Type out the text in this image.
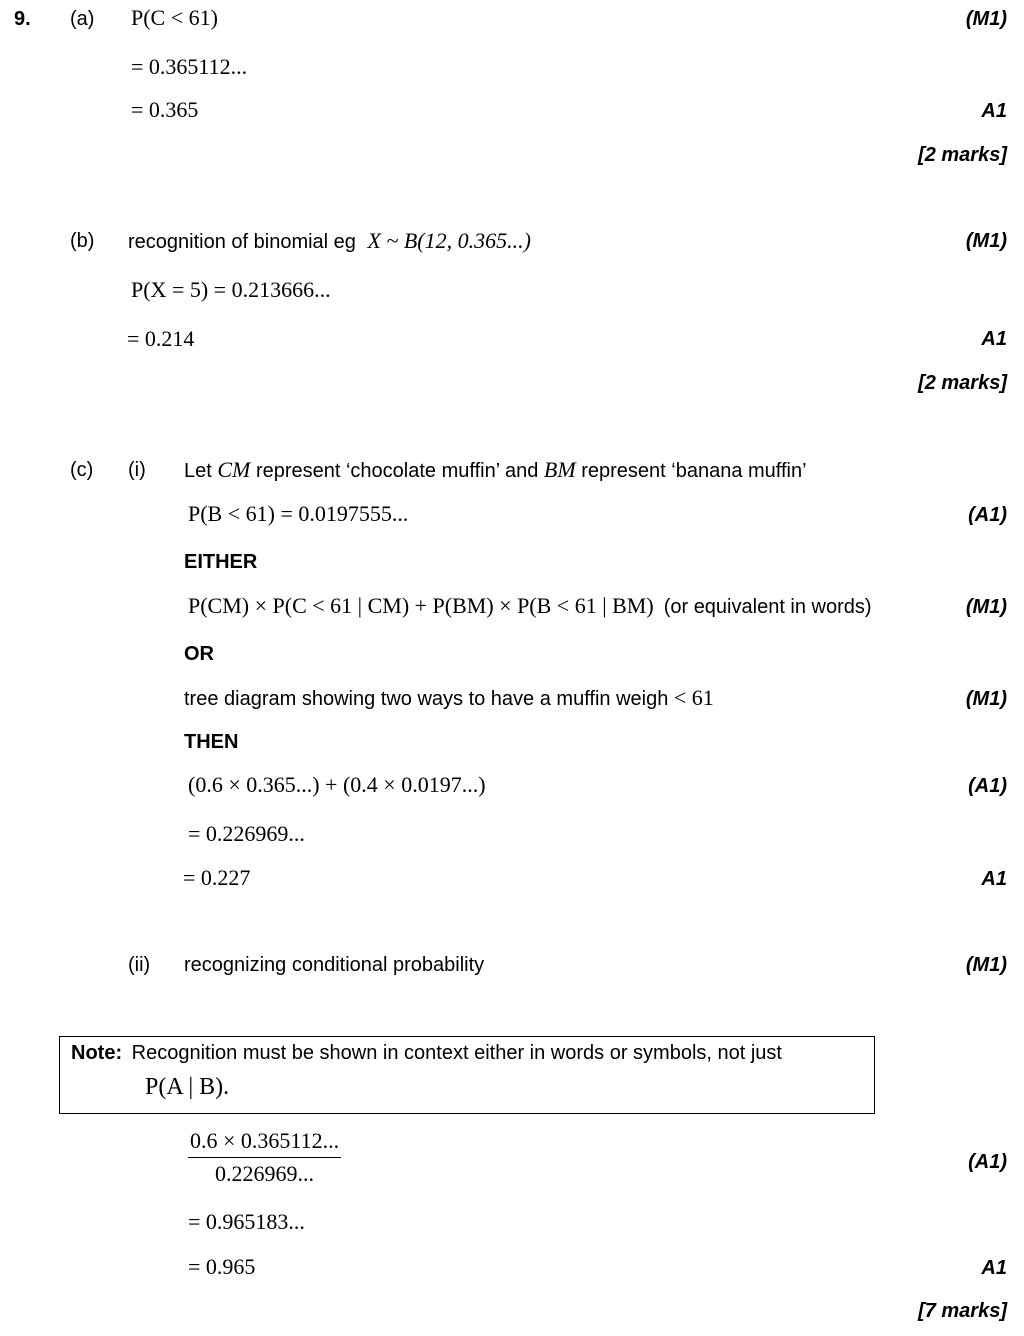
9. (a) P(C < 61)	(M1)
= 0.365112...
= 0.365	A1
[2 marks]
(b) recognition of binomial eg X ~ B(12, 0.365...)	(M1)
P(X = 5) = 0.213666...
= 0.214	A1
[2 marks]
(c) (i) Let CM represent ‘chocolate muffin’ and BM represent ‘banana muffin’
P(B < 61) = 0.0197555...	(A1)
EITHER
P(CM) × P(C < 61 | CM) + P(BM) × P(B < 61 | BM) (or equivalent in words)	(M1)
OR
tree diagram showing two ways to have a muffin weigh < 61	(M1)
THEN
(0.6 × 0.365...) + (0.4 × 0.0197...)	(A1)
= 0.226969...
= 0.227	A1
(ii) recognizing conditional probability	(M1)
Note: Recognition must be shown in context either in words or symbols, not just
P(A | B).
$\frac{0.6 \times 0.365112...}{0.226969...}$	(A1)
= 0.965183...
= 0.965	A1
[7 marks]
